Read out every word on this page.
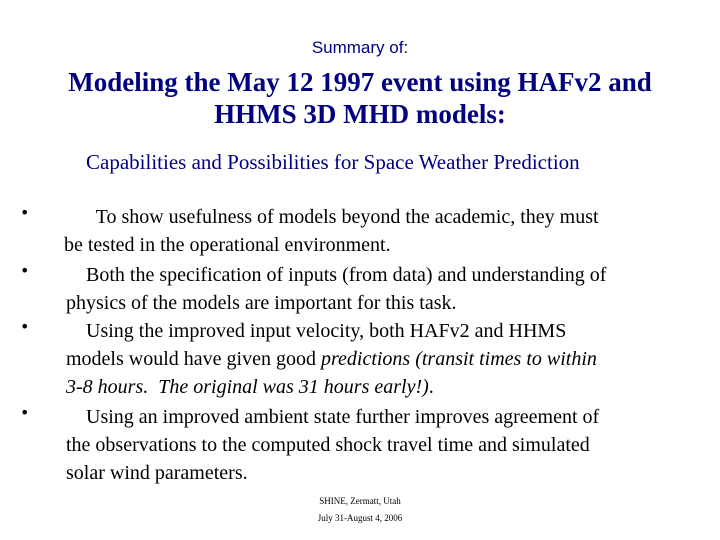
Summary of:
Modeling the May 12 1997 event using HAFv2 and
HHMS 3D MHD models:
Capabilities and Possibilities for Space Weather Prediction
• To show usefulness of models beyond the academic, they must
be tested in the operational environment.
• Both the specification of inputs (from data) and understanding of
physics of the models are important for this task.
• Using the improved input velocity, both HAFv2 and HHMS
models would have given good predictions (transit times to within
3-8 hours.  The original was 31 hours early!).
• Using an improved ambient state further improves agreement of
the observations to the computed shock travel time and simulated
solar wind parameters.
SHINE, Zermatt, Utah
July 31-August 4, 2006
